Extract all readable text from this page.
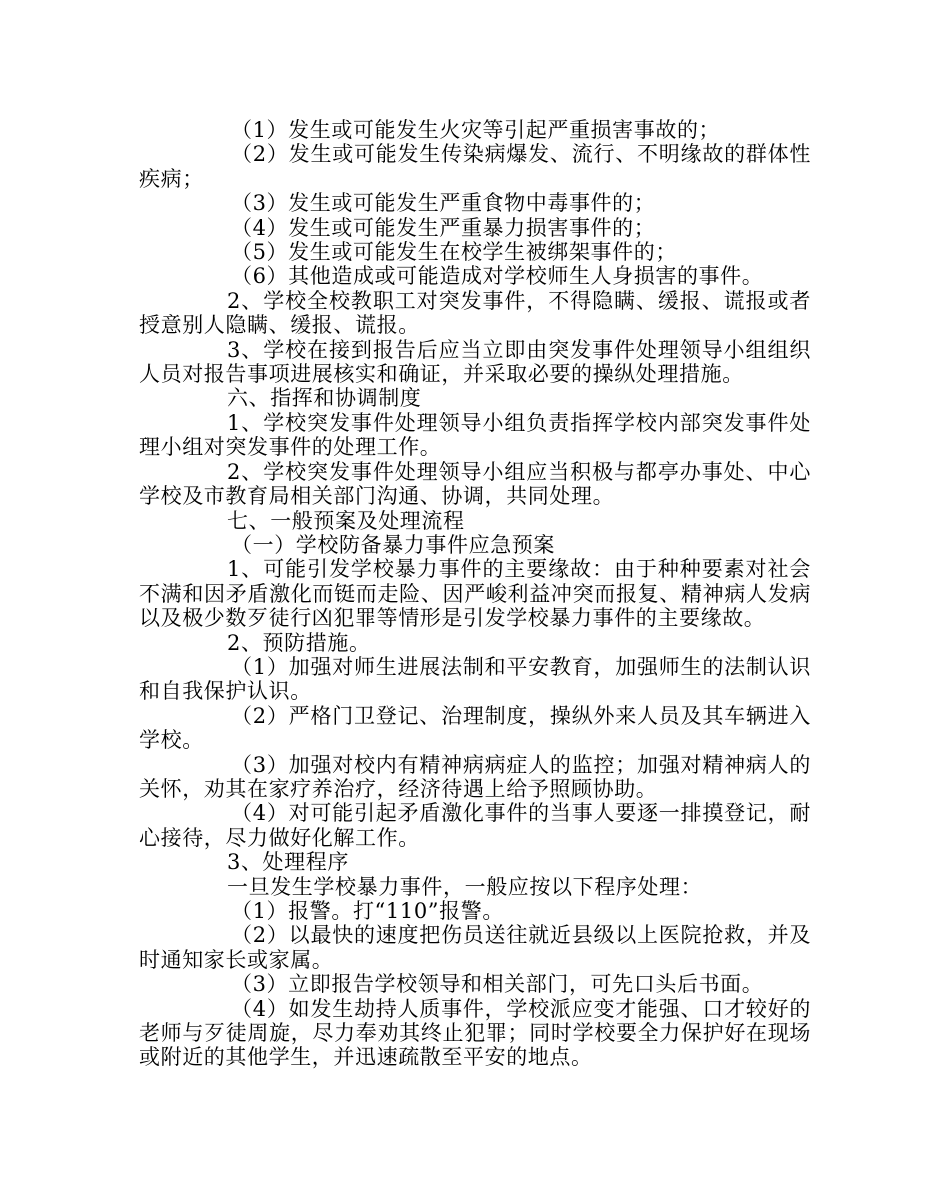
（1）发生或可能发生火灾等引起严重损害事故的；

（2）发生或可能发生传染病爆发、流行、不明缘故的群体性疾病；

（3）发生或可能发生严重食物中毒事件的；

（4）发生或可能发生严重暴力损害事件的；

（5）发生或可能发生在校学生被绑架事件的；

（6）其他造成或可能造成对学校师生人身损害的事件。

2、学校全校教职工对突发事件，不得隐瞒、缓报、谎报或者授意别人隐瞒、缓报、谎报。

3、学校在接到报告后应当立即由突发事件处理领导小组组织人员对报告事项进展核实和确证，并采取必要的操纵处理措施。

六、指挥和协调制度

1、学校突发事件处理领导小组负责指挥学校内部突发事件处理小组对突发事件的处理工作。

2、学校突发事件处理领导小组应当积极与都亭办事处、中心学校及市教育局相关部门沟通、协调，共同处理。

七、一般预案及处理流程

（一）学校防备暴力事件应急预案

1、可能引发学校暴力事件的主要缘故：由于种种要素对社会不满和因矛盾激化而铤而走险、因严峻利益冲突而报复、精神病人发病以及极少数歹徒行凶犯罪等情形是引发学校暴力事件的主要缘故。

2、预防措施。

（1）加强对师生进展法制和平安教育，加强师生的法制认识和自我保护认识。

（2）严格门卫登记、治理制度，操纵外来人员及其车辆进入学校。

（3）加强对校内有精神病病症人的监控；加强对精神病人的关怀，劝其在家疗养治疗，经济待遇上给予照顾协助。

（4）对可能引起矛盾激化事件的当事人要逐一排摸登记，耐心接待，尽力做好化解工作。

3、处理程序

一旦发生学校暴力事件，一般应按以下程序处理：

（1）报警。打“110”报警。

（2）以最快的速度把伤员送往就近县级以上医院抢救，并及时通知家长或家属。

（3）立即报告学校领导和相关部门，可先口头后书面。

（4）如发生劫持人质事件，学校派应变才能强、口才较好的老师与歹徒周旋，尽力奉劝其终止犯罪；同时学校要全力保护好在现场或附近的其他学生，并迅速疏散至平安的地点。
